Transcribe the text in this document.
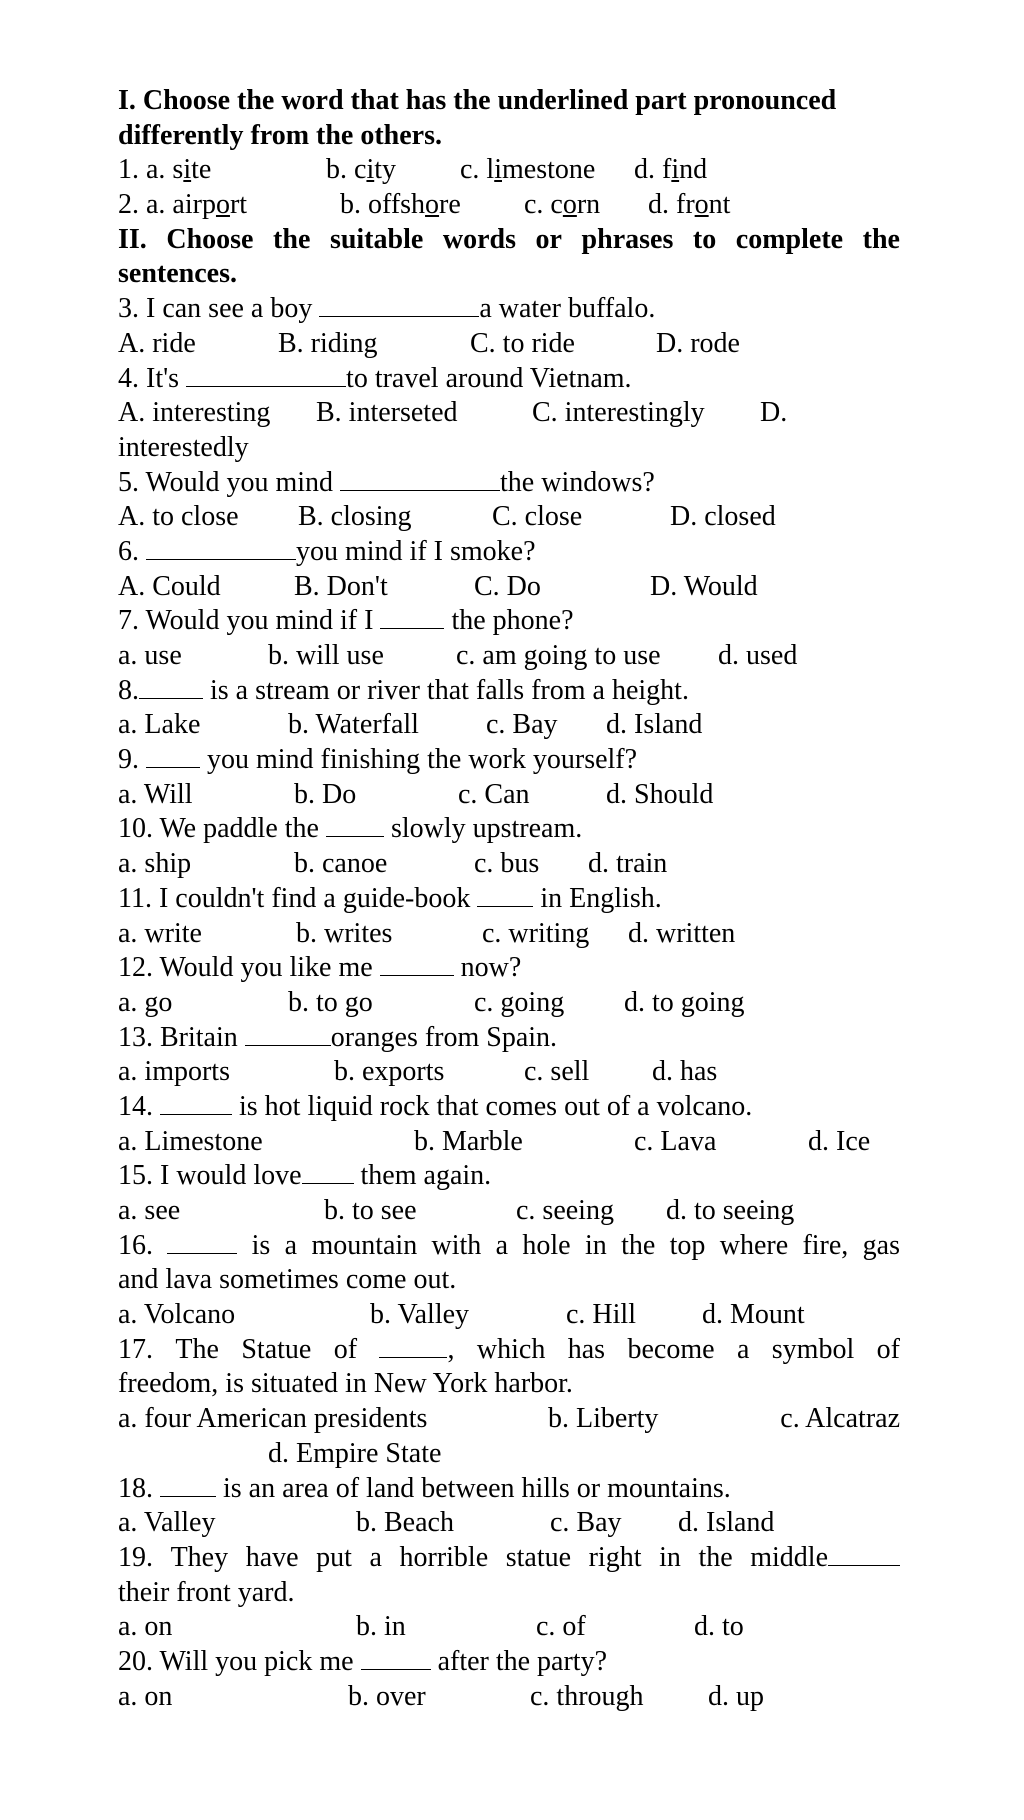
I. Choose the word that has the underlined part pronounced
differently from the others.
1. a. site	b. city c. limestone d. find
2. a. airport	b. offshore c. corn d. front
II. Choose the suitable words or phrases to complete the
sentences.
3. I can see a boy	a water buffalo.
A. ride	B. riding	C. to ride	D. rode
4. It's	to travel around Vietnam.
A. interesting B. interseted	C. interestingly D.
interestedly
5. Would you mind	the windows?
A. to close B. closing	C. close	D. closed
6.	you mind if I smoke?
A. Could	B. Don't	C. Do	D. Would
7. Would you mind if I  the phone?
a. use	b. will use	c. am going to use d. used
8. is a stream or river that falls from a height.
a. Lake	b. Waterfall c. Bay d. Island
9.  you mind finishing the work yourself?
a. Will	b. Do	c. Can	d. Should
10. We paddle the  slowly upstream.
a. ship	b. canoe	c. bus d. train
11. I couldn't find a guide-book  in English.
a. write	b. writes	c. writing d. written
12. Would you like me	now?
a. go	b. to go	c. going d. to going
13. Britain	oranges from Spain.
a. imports	b. exports	c. sell d. has
14.	is hot liquid rock that comes out of a volcano.
a. Limestone	b. Marble	c. Lava	d. Ice
15. I would love them again.
a. see	b. to see	c. seeing d. to seeing
16.	is a mountain with a hole in the top where fire, gas
and lava sometimes come out.
a. Volcano	b. Valley	c. Hill d. Mount
17. The Statue of	, which has become a symbol of
freedom, is situated in New York harbor.
a. four American presidents	b. Liberty	c. Alcatraz
d. Empire State
18.  is an area of land between hills or mountains.
a. Valley	b. Beach	c. Bay d. Island
19. They have put a horrible statue right in the middle
their front yard.
a. on	b. in	c. of	d. to
20. Will you pick me	after the party?
a. on	b. over	c. through d. up
